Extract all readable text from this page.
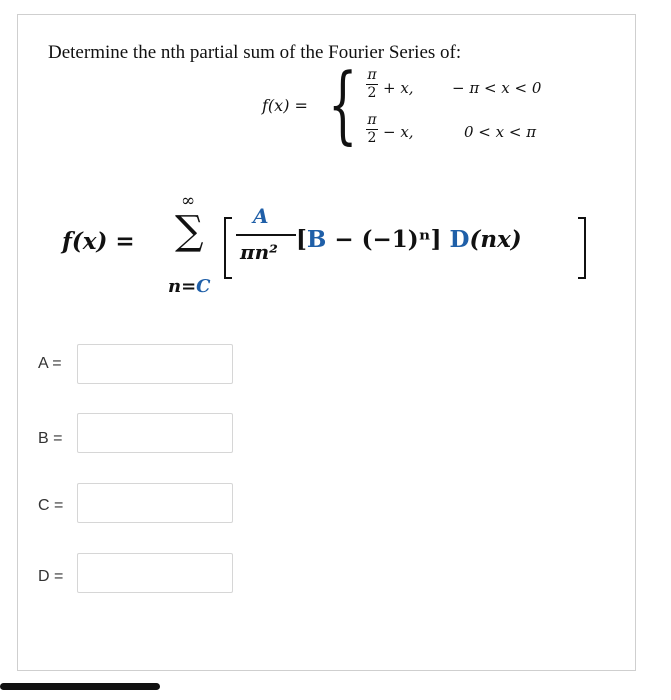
Determine the nth partial sum of the Fourier Series of:
f(x) = { π
2 + x,	− π < x < 0
π
2 − x,	0 < x < π
f(x) =
∞
∑
n=C
A
πn² [B − (−1)ⁿ] D(nx)
A =
B =
C =
D =
